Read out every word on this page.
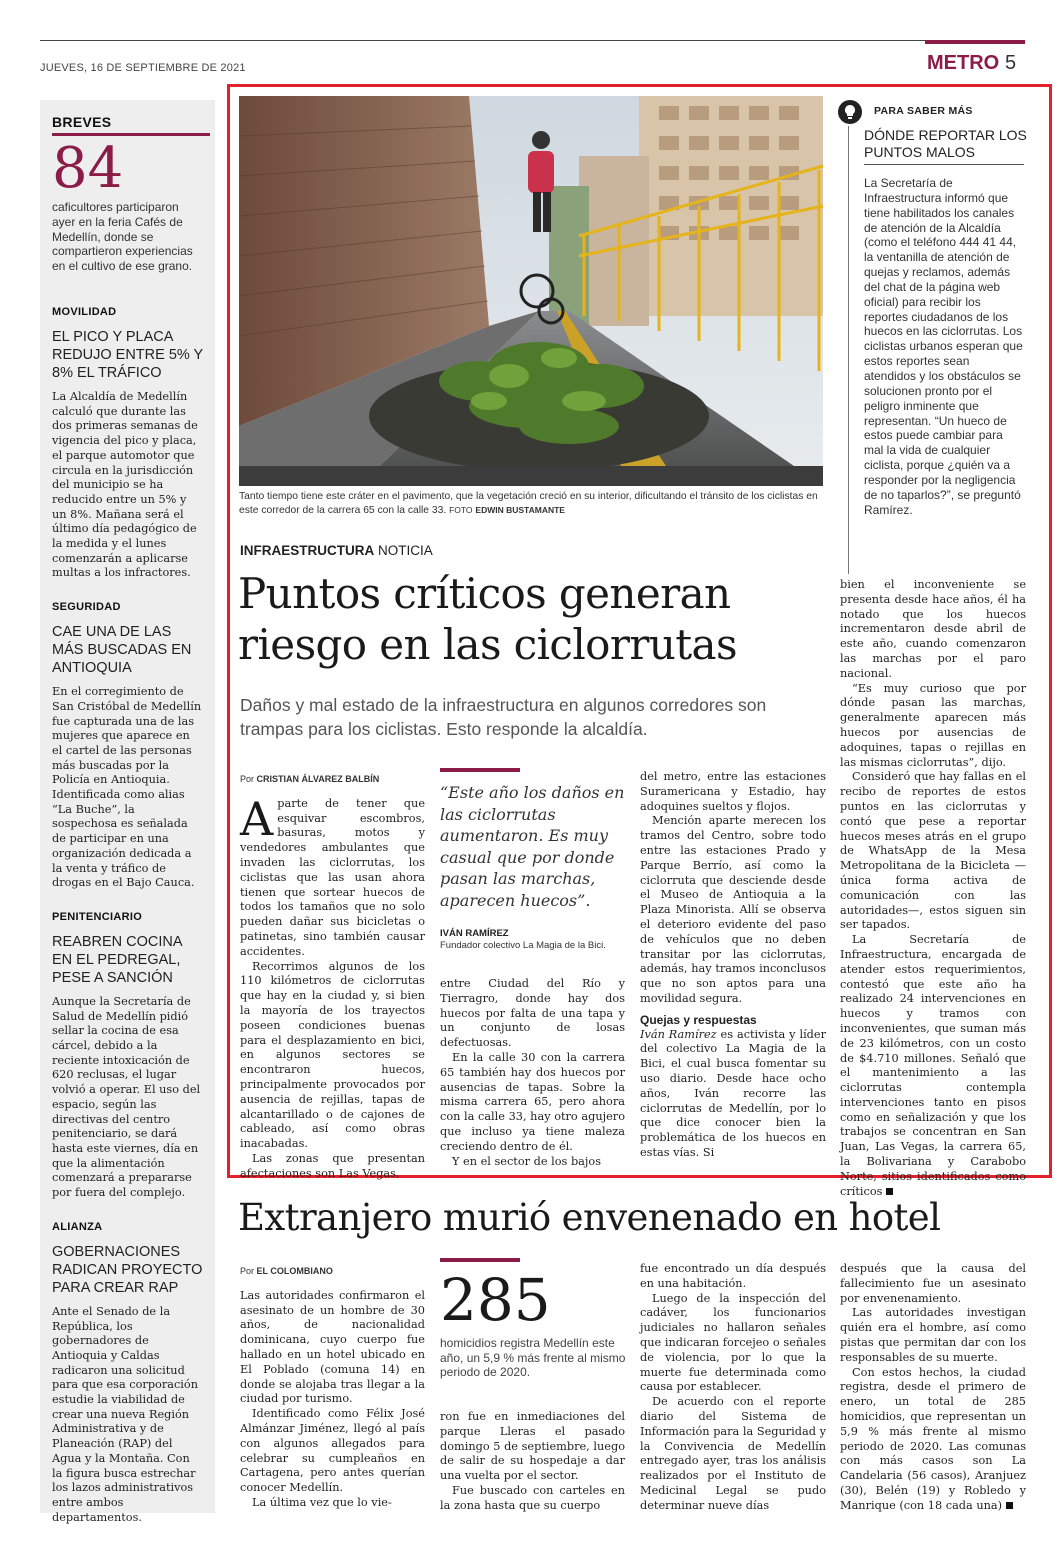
JUEVES, 16 DE SEPTIEMBRE DE 2021	METRO 5
BREVES
84
caficultores participaron ayer en la feria Cafés de Medellín, donde se compartieron experiencias en el cultivo de ese grano.
MOVILIDAD
EL PICO Y PLACA REDUJO ENTRE 5% Y 8% EL TRÁFICO
La Alcaldía de Medellín calculó que durante las dos primeras semanas de vigencia del pico y placa, el parque automotor que circula en la jurisdicción del municipio se ha reducido entre un 5% y un 8%. Mañana será el último día pedagógico de la medida y el lunes comenzarán a aplicarse multas a los infractores.
SEGURIDAD
CAE UNA DE LAS MÁS BUSCADAS EN ANTIOQUIA
En el corregimiento de San Cristóbal de Medellín fue capturada una de las mujeres que aparece en el cartel de las personas más buscadas por la Policía en Antioquia. Identificada como alias “La Buche”, la sospechosa es señalada de participar en una organización dedicada a la venta y tráfico de drogas en el Bajo Cauca.
PENITENCIARIO
REABREN COCINA EN EL PEDREGAL, PESE A SANCIÓN
Aunque la Secretaría de Salud de Medellín pidió sellar la cocina de esa cárcel, debido a la reciente intoxicación de 620 reclusas, el lugar volvió a operar. El uso del espacio, según las directivas del centro penitenciario, se dará hasta este viernes, día en que la alimentación comenzará a prepararse por fuera del complejo.
ALIANZA
GOBERNACIONES RADICAN PROYECTO PARA CREAR RAP
Ante el Senado de la República, los gobernadores de Antioquia y Caldas radicaron una solicitud para que esa corporación estudie la viabilidad de crear una nueva Región Administrativa y de Planeación (RAP) del Agua y la Montaña. Con la figura busca estrechar los lazos administrativos entre ambos departamentos.
Tanto tiempo tiene este cráter en el pavimento, que la vegetación creció en su interior, dificultando el tránsito de los ciclistas en este corredor de la carrera 65 con la calle 33. FOTO EDWIN BUSTAMANTE
PARA SABER MÁS
DÓNDE REPORTAR LOS PUNTOS MALOS
La Secretaría de Infraestructura informó que tiene habilitados los canales de atención de la Alcaldía (como el teléfono 444 41 44, la ventanilla de atención de quejas y reclamos, además del chat de la página web oficial) para recibir los reportes ciudadanos de los huecos en las ciclorrutas. Los ciclistas urbanos esperan que estos reportes sean atendidos y los obstáculos se solucionen pronto por el peligro inminente que representan. “Un hueco de estos puede cambiar para mal la vida de cualquier ciclista, porque ¿quién va a responder por la negligencia de no taparlos?”, se preguntó Ramírez.
INFRAESTRUCTURA NOTICIA
Puntos críticos generan riesgo en las ciclorrutas
Daños y mal estado de la infraestructura en algunos corredores son trampas para los ciclistas. Esto responde la alcaldía.
Por CRISTIAN ÁLVAREZ BALBÍN
Aparte de tener que esquivar escombros, basuras, motos y vendedores ambulantes que invaden las ciclorrutas, los ciclistas que las usan ahora tienen que sortear huecos de todos los tamaños que no solo pueden dañar sus bicicletas o patinetas, sino también causar accidentes.

Recorrimos algunos de los 110 kilómetros de ciclorrutas que hay en la ciudad y, si bien la mayoría de los trayectos poseen condiciones buenas para el desplazamiento en bici, en algunos sectores se encontraron huecos, principalmente provocados por ausencia de rejillas, tapas de alcantarillado o de cajones de cableado, así como obras inacabadas.

Las zonas que presentan afectaciones son Las Vegas,

“Este año los daños en las ciclorrutas aumentaron. Es muy casual que por donde pasan las marchas, aparecen huecos”.
IVÁN RAMÍREZ
Fundador colectivo La Magia de la Bici.
entre Ciudad del Río y Tierragro, donde hay dos huecos por falta de una tapa y un conjunto de losas defectuosas.

En la calle 30 con la carrera 65 también hay dos huecos por ausencias de tapas. Sobre la misma carrera 65, pero ahora con la calle 33, hay otro agujero que incluso ya tiene maleza creciendo dentro de él.

Y en el sector de los bajos

del metro, entre las estaciones Suramericana y Estadio, hay adoquines sueltos y flojos.

Mención aparte merecen los tramos del Centro, sobre todo entre las estaciones Prado y Parque Berrío, así como la ciclorruta que desciende desde el Museo de Antioquia a la Plaza Minorista. Allí se observa el deterioro evidente del paso de vehículos que no deben transitar por las ciclorrutas, además, hay tramos inconclusos que no son aptos para una movilidad segura.

Quejas y respuestas
Iván Ramírez es activista y líder del colectivo La Magia de la Bici, el cual busca fomentar su uso diario. Desde hace ocho años, Iván recorre las ciclorrutas de Medellín, por lo que dice conocer bien la problemática de los huecos en estas vías. Si
bien el inconveniente se presenta desde hace años, él ha notado que los huecos incrementaron desde abril de este año, cuando comenzaron las marchas por el paro nacional.

“Es muy curioso que por dónde pasan las marchas, generalmente aparecen más huecos por ausencias de adoquines, tapas o rejillas en las mismas ciclorrutas”, dijo.

Consideró que hay fallas en el recibo de reportes de estos puntos en las ciclorrutas y contó que pese a reportar huecos meses atrás en el grupo de WhatsApp de la Mesa Metropolitana de la Bicicleta —única forma activa de comunicación con las autoridades—, estos siguen sin ser tapados.

La Secretaría de Infraestructura, encargada de atender estos requerimientos, contestó que este año ha realizado 24 intervenciones en huecos y tramos con inconvenientes, que suman más de 23 kilómetros, con un costo de $4.710 millones. Señaló que el mantenimiento a las ciclorrutas contempla intervenciones tanto en pisos como en señalización y que los trabajos se concentran en San Juan, Las Vegas, la carrera 65, la Bolivariana y Carabobo Norte, sitios identificados como críticos

Extranjero murió envenenado en hotel
Por EL COLOMBIANO
Las autoridades confirmaron el asesinato de un hombre de 30 años, de nacionalidad dominicana, cuyo cuerpo fue hallado en un hotel ubicado en El Poblado (comuna 14) en donde se alojaba tras llegar a la ciudad por turismo.

Identificado como Félix José Almánzar Jiménez, llegó al país con algunos allegados para celebrar su cumpleaños en Cartagena, pero antes querían conocer Medellín.

La última vez que lo vie-

285
homicidios registra Medellín este año, un 5,9 % más frente al mismo periodo de 2020.
ron fue en inmediaciones del parque Lleras el pasado domingo 5 de septiembre, luego de salir de su hospedaje a dar una vuelta por el sector.

Fue buscado con carteles en la zona hasta que su cuerpo

fue encontrado un día después en una habitación.

Luego de la inspección del cadáver, los funcionarios judiciales no hallaron señales que indicaran forcejeo o señales de violencia, por lo que la muerte fue determinada como causa por establecer.

De acuerdo con el reporte diario del Sistema de Información para la Seguridad y la Convivencia de Medellín entregado ayer, tras los análisis realizados por el Instituto de Medicinal Legal se pudo determinar nueve días

después que la causa del fallecimiento fue un asesinato por envenenamiento.

Las autoridades investigan quién era el hombre, así como pistas que permitan dar con los responsables de su muerte.

Con estos hechos, la ciudad registra, desde el primero de enero, un total de 285 homicidios, que representan un 5,9 % más frente al mismo periodo de 2020. Las comunas con más casos son La Candelaria (56 casos), Aranjuez (30), Belén (19) y Robledo y Manrique (con 18 cada una)
